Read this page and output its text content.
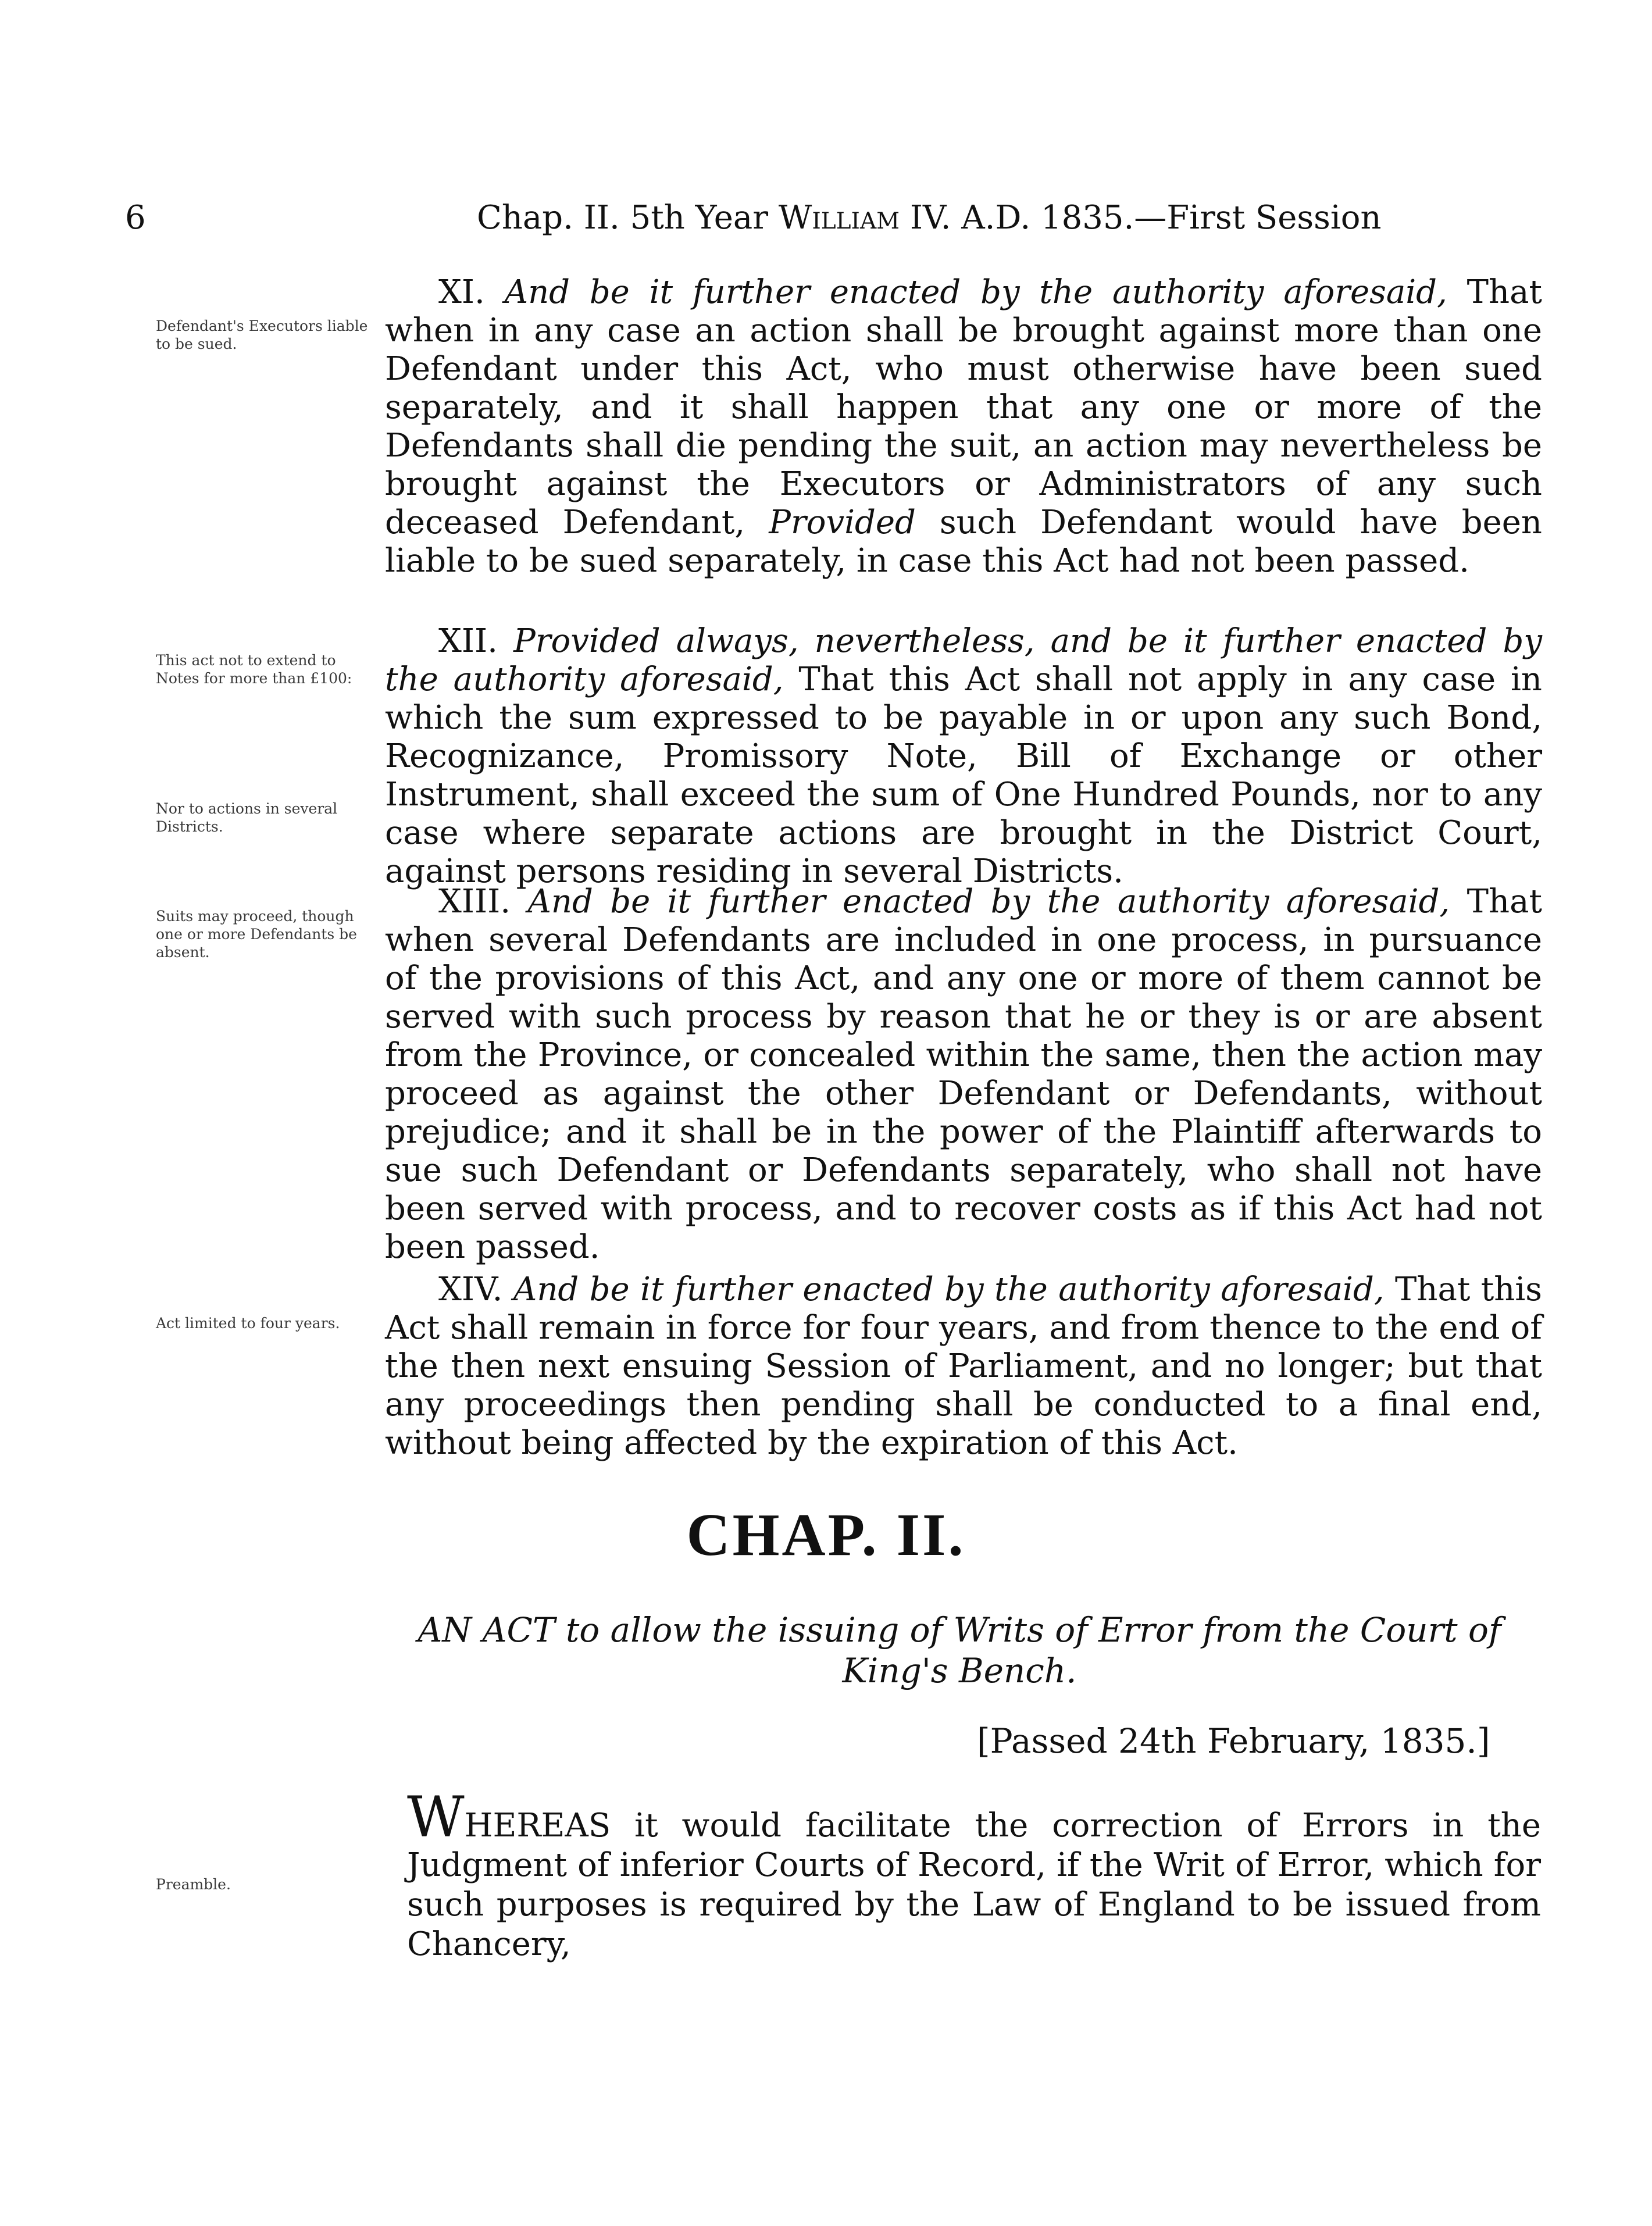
6	Chap. II. 5th Year William IV. A.D. 1835.—First Session
Defendant's Executors liable to be sued.
This act not to extend to Notes for more than £100:
Nor to actions in several Districts.
Suits may proceed, though one or more Defendants be absent.
Act limited to four years.
Preamble.

XI. And be it further enacted by the authority aforesaid, That when in any case an action shall be brought against more than one Defendant under this Act, who must otherwise have been sued separately, and it shall happen that any one or more of the Defendants shall die pending the suit, an action may nevertheless be brought against the Executors or Administrators of any such deceased Defendant, Provided such Defendant would have been liable to be sued separately, in case this Act had not been passed.

XII. Provided always, nevertheless, and be it further enacted by the authority aforesaid, That this Act shall not apply in any case in which the sum expressed to be payable in or upon any such Bond, Recognizance, Promissory Note, Bill of Exchange or other Instrument, shall exceed the sum of One Hundred Pounds, nor to any case where separate actions are brought in the District Court, against persons residing in several Districts.

XIII. And be it further enacted by the authority aforesaid, That when several Defendants are included in one process, in pursuance of the provisions of this Act, and any one or more of them cannot be served with such process by reason that he or they is or are absent from the Province, or concealed within the same, then the action may proceed as against the other Defendant or Defendants, without prejudice; and it shall be in the power of the Plaintiff afterwards to sue such Defendant or Defendants separately, who shall not have been served with process, and to recover costs as if this Act had not been passed.

XIV. And be it further enacted by the authority aforesaid, That this Act shall remain in force for four years, and from thence to the end of the then next ensuing Session of Parliament, and no longer; but that any proceedings then pending shall be conducted to a final end, without being affected by the expiration of this Act.

CHAP. II.
AN ACT to allow the issuing of Writs of Error from the Court of King's Bench.
[Passed 24th February, 1835.]
WHEREAS it would facilitate the correction of Errors in the Judgment of inferior Courts of Record, if the Writ of Error, which for such purposes is required by the Law of England to be issued from Chancery,
